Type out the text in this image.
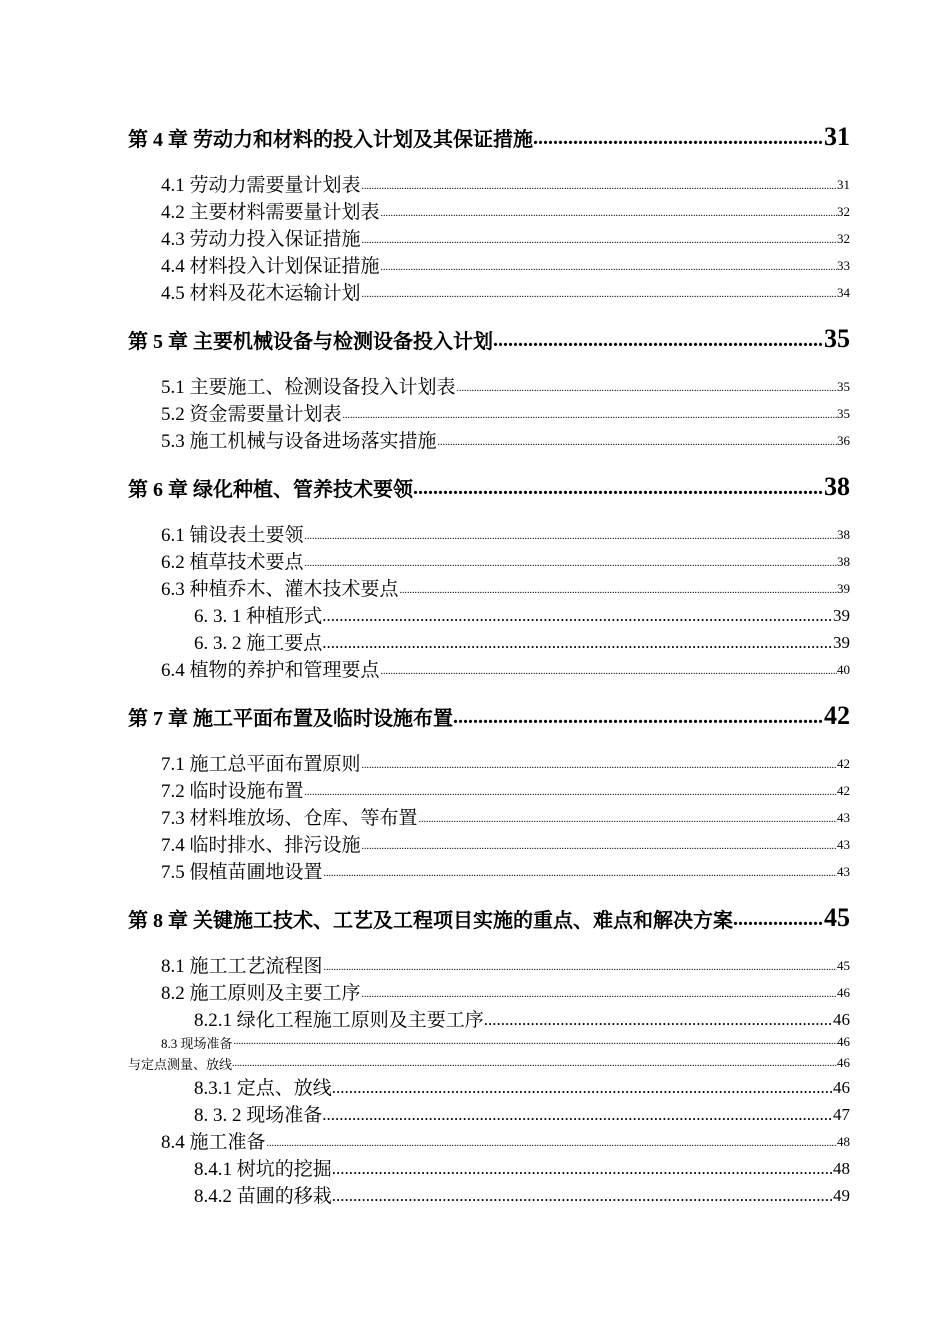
第 4 章 劳动力和材料的投入计划及其保证措施 .....	31
4.1 劳动力需要量计划表 .....	31
4.2 主要材料需要量计划表 .....	32
4.3 劳动力投入保证措施 .....	32
4.4 材料投入计划保证措施 .....	33
4.5 材料及花木运输计划 .....	34
第 5 章 主要机械设备与检测设备投入计划 .....	35
5.1 主要施工、检测设备投入计划表 .....	35
5.2 资金需要量计划表 .....	35
5.3 施工机械与设备进场落实措施 .....	36
第 6 章 绿化种植、管养技术要领 .....	38
6.1 铺设表土要领 .....	38
6.2 植草技术要点 .....	38
6.3 种植乔木、灌木技术要点 .....	39
6. 3. 1 种植形式 .....	39
6. 3. 2 施工要点 .....	39
6.4 植物的养护和管理要点 .....	40
第 7 章 施工平面布置及临时设施布置 .....	42
7.1 施工总平面布置原则 .....	42
7.2 临时设施布置 .....	42
7.3 材料堆放场、仓库、等布置 .....	43
7.4 临时排水、排污设施 .....	43
7.5 假植苗圃地设置 .....	43
第 8 章 关键施工技术、工艺及工程项目实施的重点、难点和解决方案 .....	45
8.1 施工工艺流程图 .....	45
8.2 施工原则及主要工序 .....	46
8.2.1 绿化工程施工原则及主要工序 .....	46
8.3 现场准备 .....	46
与定点测量、放线 .....	46
8.3.1 定点、放线 .....	46
8. 3. 2 现场准备 .....	47
8.4 施工准备 .....	48
8.4.1 树坑的挖掘 .....	48
8.4.2 苗圃的移栽 .....	49
